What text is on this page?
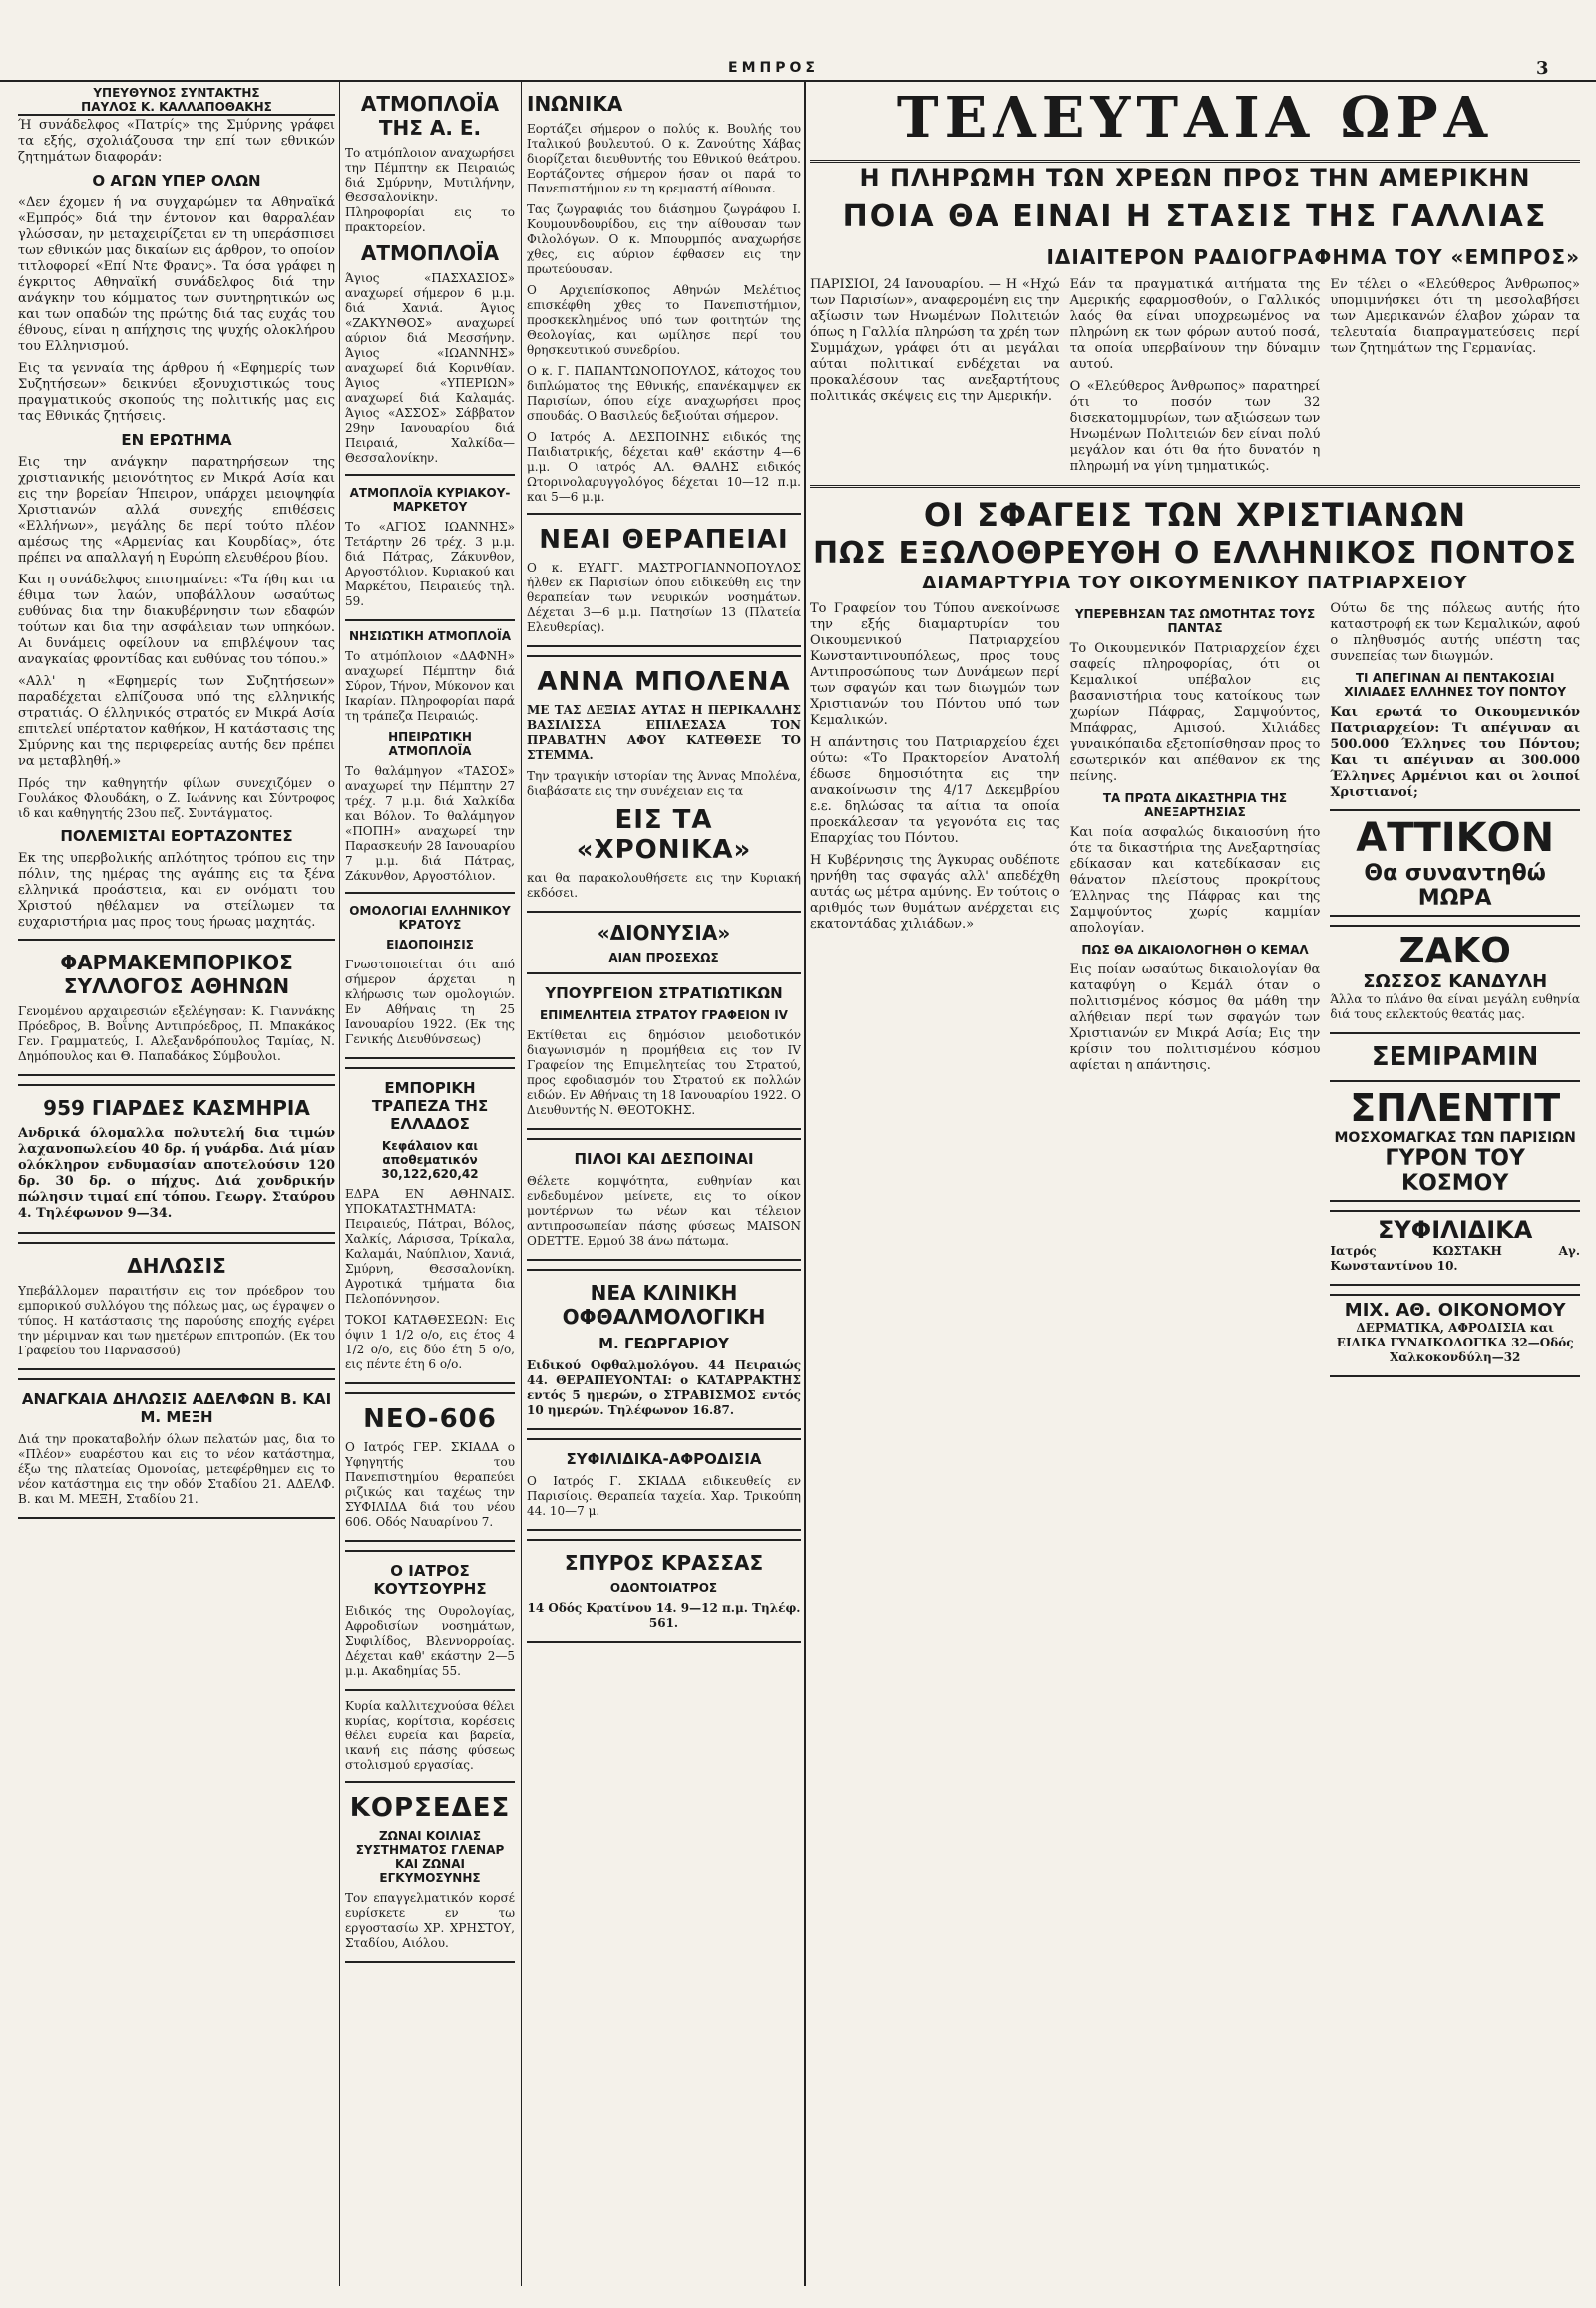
ΕΜΠΡΟΣ	3
ΥΠΕΥΘΥΝΟΣ ΣΥΝΤΑΚΤΗΣ
ΠΑΥΛΟΣ Κ. ΚΑΛΛΑΠΟΘΑΚΗΣ

Ή συνάδελφος «Πατρίς» της Σμύρνης γράφει τα εξής, σχολιάζουσα την επί των εθνικών ζητημάτων διαφοράν:

Ο ΑΓΩΝ ΥΠΕΡ ΟΛΩΝ

«Δεν έχομεν ή να συγχαρώμεν τα Αθηναϊκά «Εμπρός» διά την έντονον και θαρραλέαν γλώσσαν, ην μεταχειρίζεται εν τη υπεράσπισει των εθνικών μας δικαίων εις άρθρον, το οποίον τιτλοφορεί «Επί Ντε Φρανς». Τα όσα γράφει η έγκριτος Αθηναϊκή συνάδελφος διά την ανάγκην του κόμματος των συντηρητικών ως και των οπαδών της πρώτης διά τας ευχάς του έθνους, είναι η απήχησις της ψυχής ολοκλήρου του Ελληνισμού.

Εις τα γενναία της άρθρου ή «Εφημερίς των Συζητήσεων» δεικνύει εξονυχιστικώς τους πραγματικούς σκοπούς της πολιτικής μας εις τας Εθνικάς ζητήσεις.

ΕΝ ΕΡΩΤΗΜΑ

Εις την ανάγκην παρατηρήσεων της χριστιανικής μειονότητος εν Μικρά Ασία και εις την βορείαν Ήπειρον, υπάρχει μειοψηφία Χριστιανών αλλά συνεχής επιθέσεις «Ελλήνων», μεγάλης δε περί τούτο πλέον αμέσως της «Αρμενίας και Κουρδίας», ότε πρέπει να απαλλαγή η Ευρώπη ελευθέρου βίου.

Και η συνάδελφος επισημαίνει: «Τα ήθη και τα έθιμα των λαών, υποβάλλουν ωσαύτως ευθύνας δια την διακυβέρνησιν των εδαφών τούτων και δια την ασφάλειαν των υπηκόων. Αι δυνάμεις οφείλουν να επιβλέψουν τας αναγκαίας φροντίδας και ευθύνας του τόπου.»

«Αλλ' η «Εφημερίς των Συζητήσεων» παραδέχεται ελπίζουσα υπό της ελληνικής στρατιάς. Ο έλληνικός στρατός εν Μικρά Ασία επιτελεί υπέρτατον καθήκον, Η κατάστασις της Σμύρνης και της περιφερείας αυτής δεν πρέπει να μεταβληθή.»

Πρός την καθηγητήν φίλων συνεχιζόμεν ο Γουλάκος Φλουδάκη, ο Ζ. Ιωάννης και Σύντροφος ιδ και καθηγητής 23ου πεζ. Συντάγματος.

ΠΟΛΕΜΙΣΤΑΙ ΕΟΡΤΑΖΟΝΤΕΣ

Εκ της υπερβολικής απλότητος τρόπου εις την πόλιν, της ημέρας της αγάπης εις τα ξένα ελληνικά προάστεια, και εν ονόματι του Χριστού ηθέλαμεν να στείλωμεν τα ευχαριστήρια μας προς τους ήρωας μαχητάς.

ΦΑΡΜΑΚΕΜΠΟΡΙΚΟΣ ΣΥΛΛΟΓΟΣ ΑΘΗΝΩΝ

Γενομένου αρχαιρεσιών εξελέγησαν: Κ. Γιαννάκης Πρόεδρος, Β. Βοΐνης Αντιπρόεδρος, Π. Μπακάκος Γεν. Γραμματεύς, Ι. Αλεξανδρόπουλος Ταμίας, Ν. Δημόπουλος και Θ. Παπαδάκος Σύμβουλοι.

959 ΓΙΑΡΔΕΣ ΚΑΣΜΗΡΙΑ

Ανδρικά όλομαλλα πολυτελή δια τιμών λαχανοπωλείου 40 δρ. ή γυάρδα. Διά μίαν ολόκληρον ενδυμασίαν αποτελούσιν 120 δρ. 30 δρ. ο πήχυς. Διά χονδρικήν πώλησιν τιμαί επί τόπου. Γεωργ. Σταύρου 4. Τηλέφωνον 9—34.

ΔΗΛΩΣΙΣ

Υπεβάλλομεν παραιτήσιν εις τον πρόεδρον του εμπορικού συλλόγου της πόλεως μας, ως έγραψεν ο τύπος. Η κατάστασις της παρούσης εποχής εγέρει την μέριμναν και των ημετέρων επιτροπών. (Εκ του Γραφείου του Παρνασσού)

ΑΝΑΓΚΑΙΑ ΔΗΛΩΣΙΣ ΑΔΕΛΦΩΝ Β. ΚΑΙ Μ. ΜΕΞΗ

Διά την προκαταβολήν όλων πελατών μας, δια το «Πλέον» ευαρέστου και εις το νέον κατάστημα, έξω της πλατείας Ομονοίας, μετεφέρθημεν εις το νέον κατάστημα εις την οδόν Σταδίου 21. ΑΔΕΛΦ. Β. και Μ. ΜΕΞΗ, Σταδίου 21.

ΑΤΜΟΠΛΟΪΑ ΤΗΣ Α. Ε.

Το ατμόπλοιον αναχωρήσει την Πέμπτην εκ Πειραιώς διά Σμύρνην, Μυτιλήνην, Θεσσαλονίκην. Πληροφορίαι εις το πρακτορείον.

ΑΤΜΟΠΛΟΪΑ

Άγιος «ΠΑΣΧΑΣΙΟΣ» αναχωρεί σήμερον 6 μ.μ. διά Χανιά. Άγιος «ΖΑΚΥΝΘΟΣ» αναχωρεί αύριον διά Μεσσήνην. Άγιος «ΙΩΑΝΝΗΣ» αναχωρεί διά Κορινθίαν. Άγιος «ΥΠΕΡΙΩΝ» αναχωρεί διά Καλαμάς. Άγιος «ΑΣΣΟΣ» Σάββατον 29ην Ιανουαρίου διά Πειραιά, Χαλκίδα—Θεσσαλονίκην.

ΑΤΜΟΠΛΟΪΑ ΚΥΡΙΑΚΟΥ-ΜΑΡΚΕΤΟΥ

Το «ΑΓΙΟΣ ΙΩΑΝΝΗΣ» Τετάρτην 26 τρέχ. 3 μ.μ. διά Πάτρας, Ζάκυνθον, Αργοστόλιον. Κυριακού και Μαρκέτου, Πειραιεύς τηλ. 59.

ΝΗΣΙΩΤΙΚΗ ΑΤΜΟΠΛΟΪΑ

Το ατμόπλοιον «ΔΑΦΝΗ» αναχωρεί Πέμπτην διά Σύρον, Τήνον, Μύκονον και Ικαρίαν. Πληροφορίαι παρά τη τράπεζα Πειραιώς.

ΗΠΕΙΡΩΤΙΚΗ ΑΤΜΟΠΛΟΪΑ

Το θαλάμηγον «ΤΑΣΟΣ» αναχωρεί την Πέμπτην 27 τρέχ. 7 μ.μ. διά Χαλκίδα και Βόλον. Το θαλάμηγον «ΠΟΠΗ» αναχωρεί την Παρασκευήν 28 Ιανουαρίου 7 μ.μ. διά Πάτρας, Ζάκυνθον, Αργοστόλιον.

ΟΜΟΛΟΓΙΑΙ ΕΛΛΗΝΙΚΟΥ ΚΡΑΤΟΥΣ
ΕΙΔΟΠΟΙΗΣΙΣ

Γνωστοποιείται ότι από σήμερον άρχεται η κλήρωσις των ομολογιών. Εν Αθήναις τη 25 Ιανουαρίου 1922. (Εκ της Γενικής Διευθύνσεως)

ΕΜΠΟΡΙΚΗ ΤΡΑΠΕΖΑ ΤΗΣ ΕΛΛΑΔΟΣ
Κεφάλαιον και αποθεματικόν 30,122,620,42

ΕΔΡΑ ΕΝ ΑΘΗΝΑΙΣ. ΥΠΟΚΑΤΑΣΤΗΜΑΤΑ: Πειραιεύς, Πάτραι, Βόλος, Χαλκίς, Λάρισσα, Τρίκαλα, Καλαμάι, Ναύπλιον, Χανιά, Σμύρνη, Θεσσαλονίκη. Αγροτικά τμήματα δια Πελοπόννησον.

ΤΟΚΟΙ ΚΑΤΑΘΕΣΕΩΝ: Εις όψιν 1 1/2 ο/ο, εις έτος 4 1/2 ο/ο, εις δύο έτη 5 ο/ο, εις πέντε έτη 6 ο/ο.

ΝΕΟ-606

Ο Ιατρός ΓΕΡ. ΣΚΙΑΔΑ ο Υφηγητής του Πανεπιστημίου θεραπεύει ριζικώς και ταχέως την ΣΥΦΙΛΙΔΑ διά του νέου 606. Οδός Ναυαρίνου 7.

Ο ΙΑΤΡΟΣ ΚΟΥΤΣΟΥΡΗΣ

Ειδικός της Ουρολογίας, Αφροδισίων νοσημάτων, Συφιλίδος, Βλεννορροίας. Δέχεται καθ' εκάστην 2—5 μ.μ. Ακαδημίας 55.

Κυρία καλλιτεχνούσα θέλει κυρίας, κορίτσια, κορέσεις θέλει ευρεία και βαρεία, ικανή εις πάσης φύσεως στολισμού εργασίας.

ΚΟΡΣΕΔΕΣ
ΖΩΝΑΙ ΚΟΙΛΙΑΣ ΣΥΣΤΗΜΑΤΟΣ ΓΛΕΝΑΡ ΚΑΙ ΖΩΝΑΙ ΕΓΚΥΜΟΣΥΝΗΣ

Τον επαγγελματικόν κορσέ ευρίσκετε εν τω εργοστασίω ΧΡ. ΧΡΗΣΤΟΥ, Σταδίου, Αιόλου.

ΙΝΩΝΙΚΑ

Εορτάζει σήμερον ο πολύς κ. Βουλής του Ιταλικού βουλευτού. Ο κ. Ζανούτης Χάβας διορίζεται διευθυντής του Εθνικού θεάτρου. Εορτάζοντες σήμερον ήσαν οι παρά το Πανεπιστήμιον εν τη κρεμαστή αίθουσα.

Τας ζωγραφιάς του διάσημου ζωγράφου Ι. Κουμουνδουρίδου, εις την αίθουσαν των Φιλολόγων. Ο κ. Μπουρμπός αναχωρήσε χθες, εις αύριον έφθασεν εις την πρωτεύουσαν.

Ο Αρχιεπίσκοπος Αθηνών Μελέτιος επισκέφθη χθες το Πανεπιστήμιον, προσκεκλημένος υπό των φοιτητών της Θεολογίας, και ωμίλησε περί του θρησκευτικού συνεδρίου.

Ο κ. Γ. ΠΑΠΑΝΤΩΝΟΠΟΥΛΟΣ, κάτοχος του διπλώματος της Εθνικής, επανέκαμψεν εκ Παρισίων, όπου είχε αναχωρήσει προς σπουδάς. Ο Βασιλεύς δεξιούται σήμερον.

Ο Ιατρός Α. ΔΕΣΠΟΙΝΗΣ ειδικός της Παιδιατρικής, δέχεται καθ' εκάστην 4—6 μ.μ. Ο ιατρός ΑΛ. ΘΑΛΗΣ ειδικός Ωτορινολαρυγγολόγος δέχεται 10—12 π.μ. και 5—6 μ.μ.

ΝΕΑΙ ΘΕΡΑΠΕΙΑΙ

Ο κ. ΕΥΑΓΓ. ΜΑΣΤΡΟΓΙΑΝΝΟΠΟΥΛΟΣ ήλθεν εκ Παρισίων όπου ειδικεύθη εις την θεραπείαν των νευρικών νοσημάτων. Δέχεται 3—6 μ.μ. Πατησίων 13 (Πλατεία Ελευθερίας).

ΑΝΝΑ ΜΠΟΛΕΝΑ

ΜΕ ΤΑΣ ΔΕΞΙΑΣ ΑΥΤΑΣ Η ΠΕΡΙΚΑΛΛΗΣ ΒΑΣΙΛΙΣΣΑ ΕΠΙΛΕΣΑΣΑ ΤΟΝ ΠΡΑΒΑΤΗΝ ΑΦΟΥ ΚΑΤΕΘΕΣΕ ΤΟ ΣΤΕΜΜΑ.

Την τραγικήν ιστορίαν της Άννας Μπολένα, διαβάσατε εις την συνέχειαν εις τα

ΕΙΣ ΤΑ «ΧΡΟΝΙΚΑ»

και θα παρακολουθήσετε εις την Κυριακή εκδόσει.

«ΔΙΟΝΥΣΙΑ»
ΑΙΑΝ ΠΡΟΣΕΧΩΣ
ΥΠΟΥΡΓΕΙΟΝ ΣΤΡΑΤΙΩΤΙΚΩΝ
ΕΠΙΜΕΛΗΤΕΙΑ ΣΤΡΑΤΟΥ ΓΡΑΦΕΙΟΝ IV

Εκτίθεται εις δημόσιον μειοδοτικόν διαγωνισμόν η προμήθεια εις τον IV Γραφείον της Επιμελητείας του Στρατού, προς εφοδιασμόν του Στρατού εκ πολλών ειδών. Εν Αθήναις τη 18 Ιανουαρίου 1922. Ο Διευθυντής Ν. ΘΕΟΤΟΚΗΣ.

ΠΙΛΟΙ ΚΑΙ ΔΕΣΠΟΙΝΑΙ

Θέλετε κομψότητα, ευθηνίαν και ενδεδυμένον μείνετε, εις το οίκον μοντέρνων τω νέων και τέλειον αντιπροσωπείαν πάσης φύσεως MAISON ODETTE. Ερμού 38 άνω πάτωμα.

ΝΕΑ ΚΛΙΝΙΚΗ ΟΦΘΑΛΜΟΛΟΓΙΚΗ
Μ. ΓΕΩΡΓΑΡΙΟΥ

Ειδικού Οφθαλμολόγου. 44 Πειραιώς 44. ΘΕΡΑΠΕΥΟΝΤΑΙ: ο ΚΑΤΑΡΡΑΚΤΗΣ εντός 5 ημερών, ο ΣΤΡΑΒΙΣΜΟΣ εντός 10 ημερών. Τηλέφωνον 16.87.

ΣΥΦΙΛΙΔΙΚΑ-ΑΦΡΟΔΙΣΙΑ

Ο Ιατρός Γ. ΣΚΙΑΔΑ ειδικευθείς εν Παρισίοις. Θεραπεία ταχεία. Χαρ. Τρικούπη 44. 10—7 μ.

ΣΠΥΡΟΣ ΚΡΑΣΣΑΣ
ΟΔΟΝΤΟΙΑΤΡΟΣ

14 Οδός Κρατίνου 14. 9—12 π.μ. Τηλέφ. 561.

ΤΕΛΕΥΤΑΙΑ ΩΡΑ
Η ΠΛΗΡΩΜΗ ΤΩΝ ΧΡΕΩΝ ΠΡΟΣ ΤΗΝ ΑΜΕΡΙΚΗΝ
ΠΟΙΑ ΘΑ ΕΙΝΑΙ Η ΣΤΑΣΙΣ ΤΗΣ ΓΑΛΛΙΑΣ
ΙΔΙΑΙΤΕΡΟΝ ΡΑΔΙΟΓΡΑΦΗΜΑ ΤΟΥ «ΕΜΠΡΟΣ»

ΠΑΡΙΣΙΟΙ, 24 Ιανουαρίου. — Η «Ηχώ των Παρισίων», αναφερομένη εις την αξίωσιν των Ηνωμένων Πολιτειών όπως η Γαλλία πληρώση τα χρέη των Συμμάχων, γράφει ότι αι μεγάλαι αύται πολιτικαί ενδέχεται να προκαλέσουν τας ανεξαρτήτους πολιτικάς σκέψεις εις την Αμερικήν.

Εάν τα πραγματικά αιτήματα της Αμερικής εφαρμοσθούν, ο Γαλλικός λαός θα είναι υποχρεωμένος να πληρώνη εκ των φόρων αυτού ποσά, τα οποία υπερβαίνουν την δύναμιν αυτού.

Ο «Ελεύθερος Άνθρωπος» παρατηρεί ότι το ποσόν των 32 δισεκατομμυρίων, των αξιώσεων των Ηνωμένων Πολιτειών δεν είναι πολύ μεγάλον και ότι θα ήτο δυνατόν η πληρωμή να γίνη τμηματικώς.

Εν τέλει ο «Ελεύθερος Άνθρωπος» υπομιμνήσκει ότι τη μεσολαβήσει των Αμερικανών έλαβον χώραν τα τελευταία διαπραγματεύσεις περί των ζητημάτων της Γερμανίας.

ΟΙ ΣΦΑΓΕΙΣ ΤΩΝ ΧΡΙΣΤΙΑΝΩΝ
ΠΩΣ ΕΞΩΛΟΘΡΕΥΘΗ Ο ΕΛΛΗΝΙΚΟΣ ΠΟΝΤΟΣ
ΔΙΑΜΑΡΤΥΡΙΑ ΤΟΥ ΟΙΚΟΥΜΕΝΙΚΟΥ ΠΑΤΡΙΑΡΧΕΙΟΥ

Το Γραφείον του Τύπου ανεκοίνωσε την εξής διαμαρτυρίαν του Οικουμενικού Πατριαρχείου Κωνσταντινουπόλεως, προς τους Αντιπροσώπους των Δυνάμεων περί των σφαγών και των διωγμών των Χριστιανών του Πόντου υπό των Κεμαλικών.

Η απάντησις του Πατριαρχείου έχει ούτω: «Το Πρακτορείον Ανατολή έδωσε δημοσιότητα εις την ανακοίνωσιν της 4/17 Δεκεμβρίου ε.ε. δηλώσας τα αίτια τα οποία προεκάλεσαν τα γεγονότα εις τας Επαρχίας του Πόντου.

Η Κυβέρνησις της Άγκυρας ουδέποτε ηρνήθη τας σφαγάς αλλ' απεδέχθη αυτάς ως μέτρα αμύνης. Εν τούτοις ο αριθμός των θυμάτων ανέρχεται εις εκατοντάδας χιλιάδων.»

ΥΠΕΡΕΒΗΣΑΝ ΤΑΣ ΩΜΟΤΗΤΑΣ ΤΟΥΣ ΠΑΝΤΑΣ

Το Οικουμενικόν Πατριαρχείον έχει σαφείς πληροφορίας, ότι οι Κεμαλικοί υπέβαλον εις βασανιστήρια τους κατοίκους των χωρίων Πάφρας, Σαμψούντος, Μπάφρας, Αμισού. Χιλιάδες γυναικόπαιδα εξετοπίσθησαν προς το εσωτερικόν και απέθανον εκ της πείνης.

ΤΑ ΠΡΩΤΑ ΔΙΚΑΣΤΗΡΙΑ ΤΗΣ ΑΝΕΞΑΡΤΗΣΙΑΣ

Και ποία ασφαλώς δικαιοσύνη ήτο ότε τα δικαστήρια της Ανεξαρτησίας εδίκασαν και κατεδίκασαν εις θάνατον πλείστους προκρίτους Έλληνας της Πάφρας και της Σαμψούντος χωρίς καμμίαν απολογίαν.

ΠΩΣ ΘΑ ΔΙΚΑΙΟΛΟΓΗΘΗ Ο ΚΕΜΑΛ

Εις ποίαν ωσαύτως δικαιολογίαν θα καταφύγη ο Κεμάλ όταν ο πολιτισμένος κόσμος θα μάθη την αλήθειαν περί των σφαγών των Χριστιανών εν Μικρά Ασία; Εις την κρίσιν του πολιτισμένου κόσμου αφίεται η απάντησις.

Ούτω δε της πόλεως αυτής ήτο καταστροφή εκ των Κεμαλικών, αφού ο πληθυσμός αυτής υπέστη τας συνεπείας των διωγμών.

ΤΙ ΑΠΕΓΙΝΑΝ ΑΙ ΠΕΝΤΑΚΟΣΙΑΙ ΧΙΛΙΑΔΕΣ ΕΛΛΗΝΕΣ ΤΟΥ ΠΟΝΤΟΥ

Και ερωτά το Οικουμενικόν Πατριαρχείον: Τι απέγιναν αι 500.000 Έλληνες του Πόντου; Και τι απέγιναν αι 300.000 Έλληνες Αρμένιοι και οι λοιποί Χριστιανοί;

ΑΤΤΙΚΟΝ
Θα συναντηθώ ΜΩΡΑ
ΖΑΚΟ
ΣΩΣΣΟΣ ΚΑΝΔΥΛΗ

Άλλα το πλάνο θα είναι μεγάλη ευθηνία διά τους εκλεκτούς θεατάς μας.

ΣΕΜΙΡΑΜΙΝ
ΣΠΛΕΝΤΙΤ
ΜΟΣΧΟΜΑΓΚΑΣ ΤΩΝ ΠΑΡΙΣΙΩΝ
ΓΥΡΟΝ ΤΟΥ ΚΟΣΜΟΥ
ΣΥΦΙΛΙΔΙΚΑ

Ιατρός ΚΩΣΤΑΚΗ Αγ. Κωνσταντίνου 10.

ΜΙΧ. ΑΘ. ΟΙΚΟΝΟΜΟΥ

ΔΕΡΜΑΤΙΚΑ, ΑΦΡΟΔΙΣΙΑ και ΕΙΔΙΚΑ ΓΥΝΑΙΚΟΛΟΓΙΚΑ 32—Οδός Χαλκοκονδύλη—32
